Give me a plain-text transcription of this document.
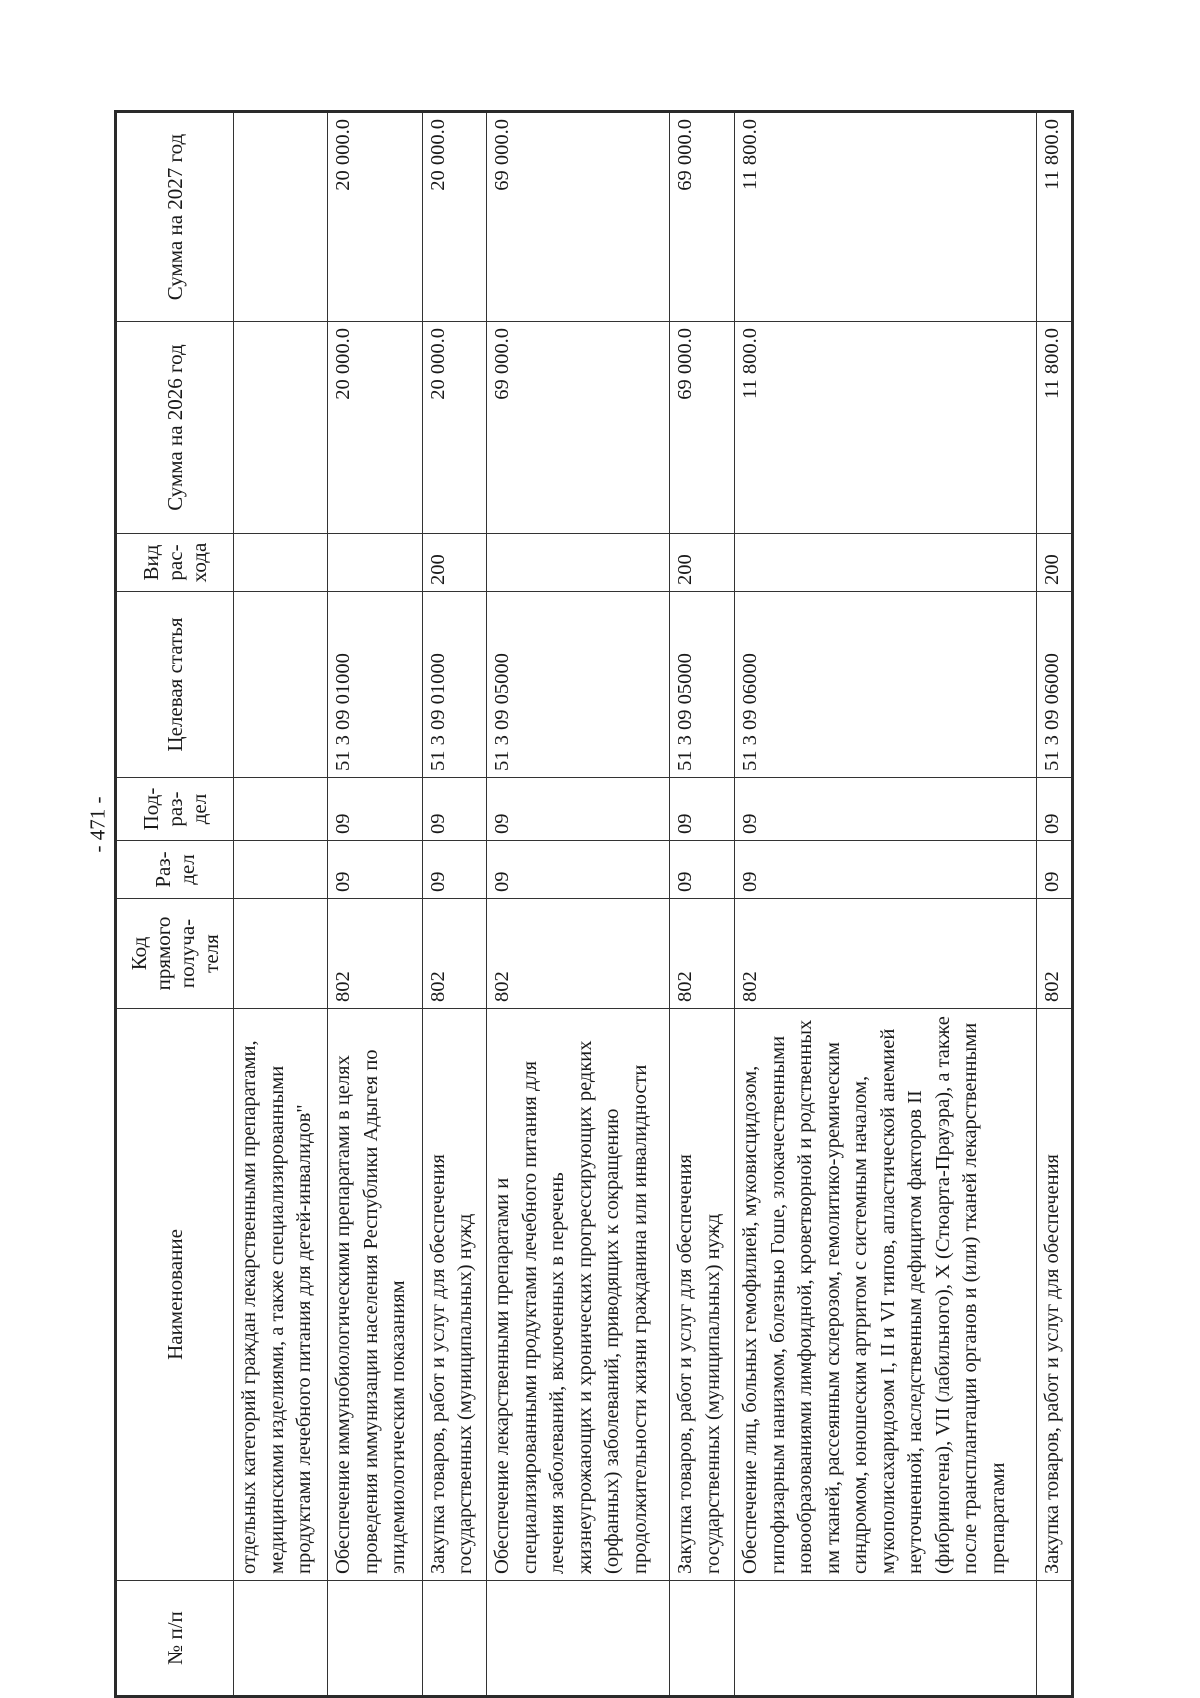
- 471 -
№ п/п	Наименование	Код прямого получа-теля	Раз-дел	Под-раз-дел	Целевая статья	Вид рас-хода	Сумма на 2026 год	Сумма на 2027 год
	отдельных категорий граждан лекарственными препаратами, медицинскими изделиями, а также специализированными продуктами лечебного питания для детей-инвалидов"							
	Обеспечение иммунобиологическими препаратами в целях проведения иммунизации населения Республики Адыгея по эпидемиологическим показаниям	802	09	09	51 3 09 01000		20 000.0	20 000.0
	Закупка товаров, работ и услуг для обеспечения государственных (муниципальных) нужд	802	09	09	51 3 09 01000	200	20 000.0	20 000.0
	Обеспечение лекарственными препаратами и специализированными продуктами лечебного питания для лечения заболеваний, включенных в перечень жизнеугрожающих и хронических прогрессирующих редких (орфанных) заболеваний, приводящих к сокращению продолжительности жизни гражданина или инвалидности	802	09	09	51 3 09 05000		69 000.0	69 000.0
	Закупка товаров, работ и услуг для обеспечения государственных (муниципальных) нужд	802	09	09	51 3 09 05000	200	69 000.0	69 000.0
	Обеспечение лиц, больных гемофилией, муковисцидозом, гипофизарным нанизмом, болезнью Гоше, злокачественными новообразованиями лимфоидной, кроветворной и родственных им тканей, рассеянным склерозом, гемолитико-уремическим синдромом, юношеским артритом с системным началом, мукополисахаридозом I, II и VI типов, апластической анемией неуточненной, наследственным дефицитом факторов II (фибриногена), VII (лабильного), X (Стюарта-Прауэра), а также после трансплантации органов и (или) тканей лекарственными препаратами	802	09	09	51 3 09 06000		11 800.0	11 800.0
	Закупка товаров, работ и услуг для обеспечения	802	09	09	51 3 09 06000	200	11 800.0	11 800.0
